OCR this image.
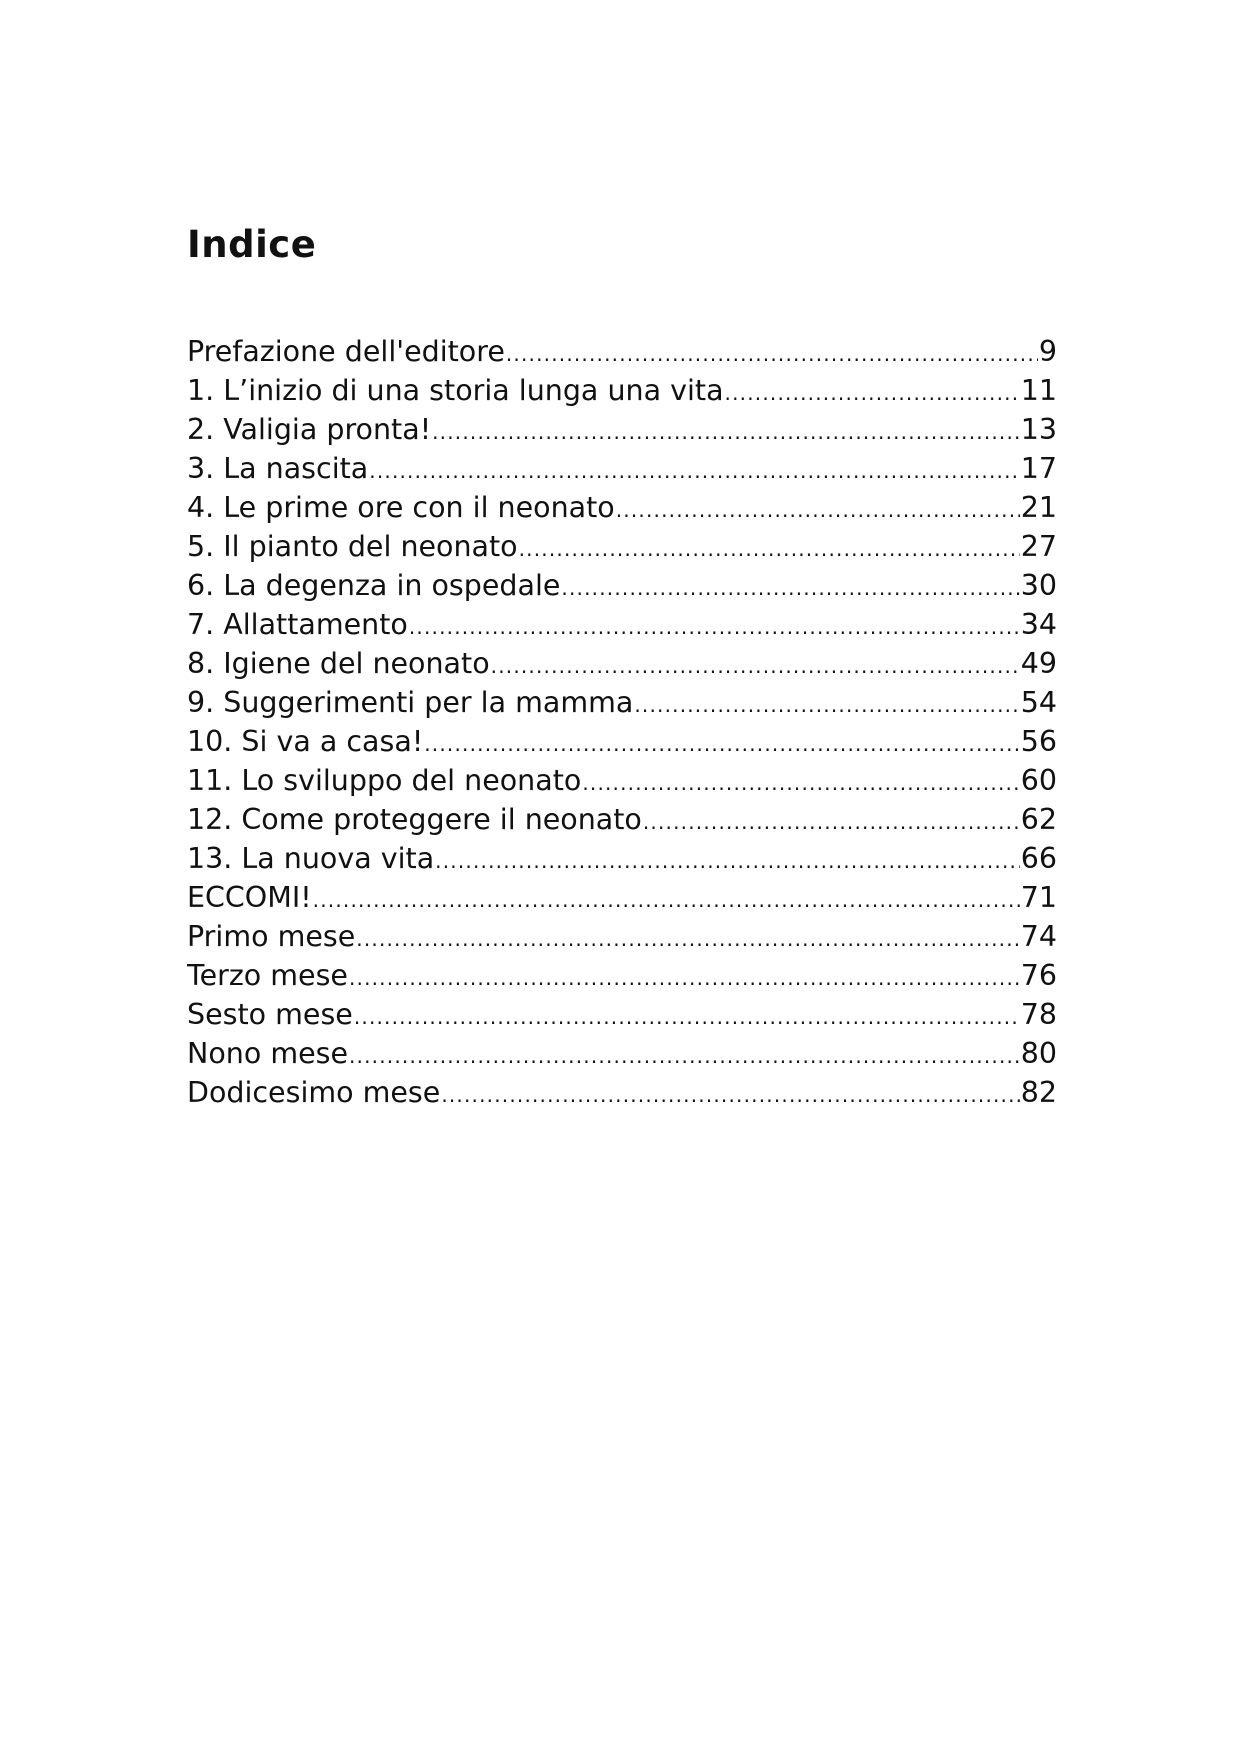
Indice
Prefazione dell'editore .....	9
1. L’inizio di una storia lunga una vita .....	11
2. Valigia pronta! .....	13
3. La nascita .....	17
4. Le prime ore con il neonato .....	21
5. Il pianto del neonato .....	27
6. La degenza in ospedale .....	30
7. Allattamento .....	34
8. Igiene del neonato .....	49
9. Suggerimenti per la mamma .....	54
10. Si va a casa! .....	56
11. Lo sviluppo del neonato .....	60
12. Come proteggere il neonato .....	62
13. La nuova vita .....	66
ECCOMI! .....	71
Primo mese .....	74
Terzo mese .....	76
Sesto mese .....	78
Nono mese .....	80
Dodicesimo mese .....	82
